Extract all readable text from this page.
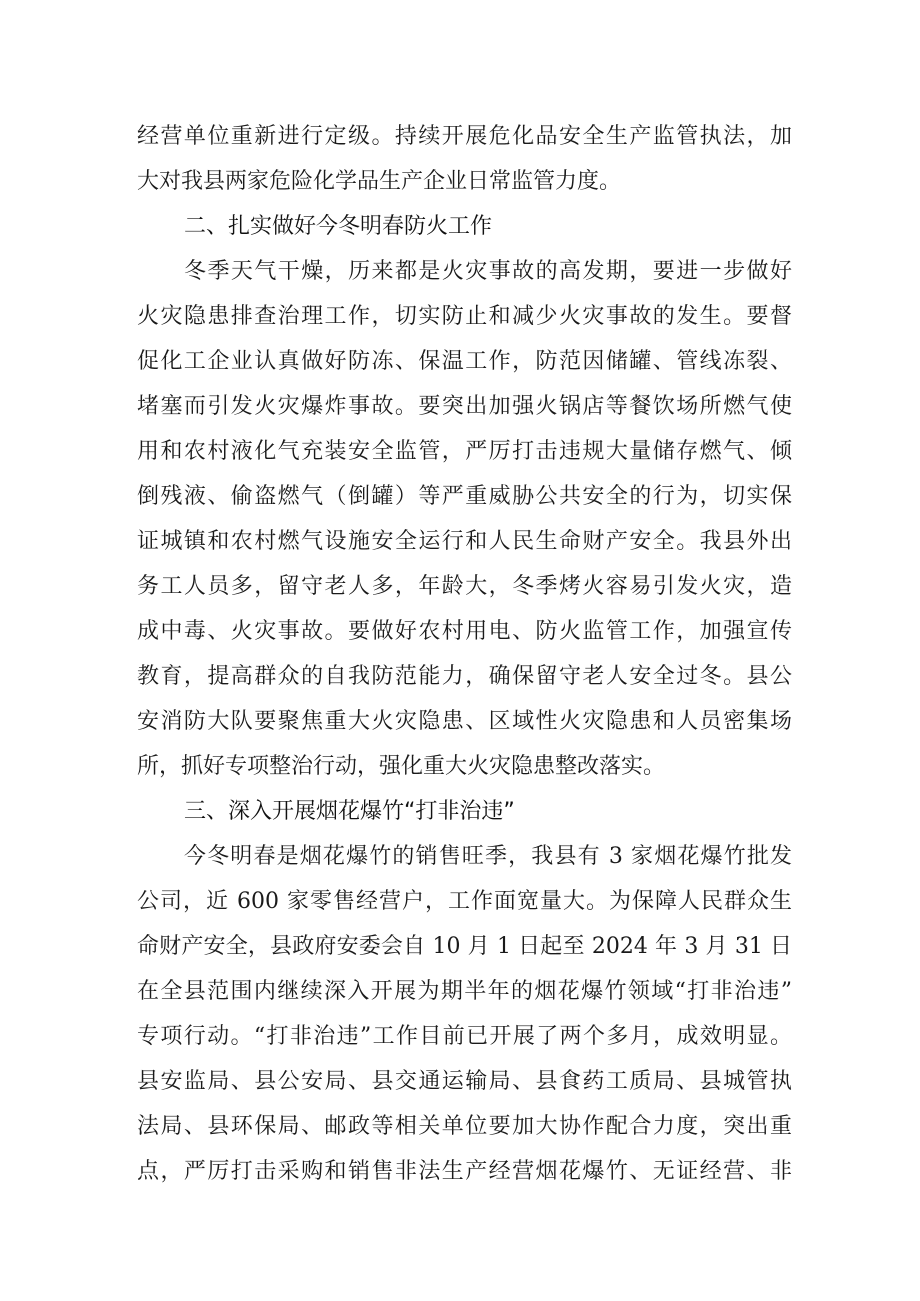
经营单位重新进行定级。持续开展危化品安全生产监管执法，加
大对我县两家危险化学品生产企业日常监管力度。
二、扎实做好今冬明春防火工作
冬季天气干燥，历来都是火灾事故的高发期，要进一步做好
火灾隐患排查治理工作，切实防止和减少火灾事故的发生。要督
促化工企业认真做好防冻、保温工作，防范因储罐、管线冻裂、
堵塞而引发火灾爆炸事故。要突出加强火锅店等餐饮场所燃气使
用和农村液化气充装安全监管，严厉打击违规大量储存燃气、倾
倒残液、偷盗燃气（倒罐）等严重威胁公共安全的行为，切实保
证城镇和农村燃气设施安全运行和人民生命财产安全。我县外出
务工人员多，留守老人多，年龄大，冬季烤火容易引发火灾，造
成中毒、火灾事故。要做好农村用电、防火监管工作，加强宣传
教育，提高群众的自我防范能力，确保留守老人安全过冬。县公
安消防大队要聚焦重大火灾隐患、区域性火灾隐患和人员密集场
所，抓好专项整治行动，强化重大火灾隐患整改落实。
三、深入开展烟花爆竹“打非治违”
今冬明春是烟花爆竹的销售旺季，我县有 3 家烟花爆竹批发
公司，近 600 家零售经营户，工作面宽量大。为保障人民群众生
命财产安全，县政府安委会自 10 月 1 日起至 2024 年 3 月 31 日
在全县范围内继续深入开展为期半年的烟花爆竹领域“打非治违”
专项行动。“打非治违”工作目前已开展了两个多月，成效明显。
县安监局、县公安局、县交通运输局、县食药工质局、县城管执
法局、县环保局、邮政等相关单位要加大协作配合力度，突出重
点，严厉打击采购和销售非法生产经营烟花爆竹、无证经营、非
